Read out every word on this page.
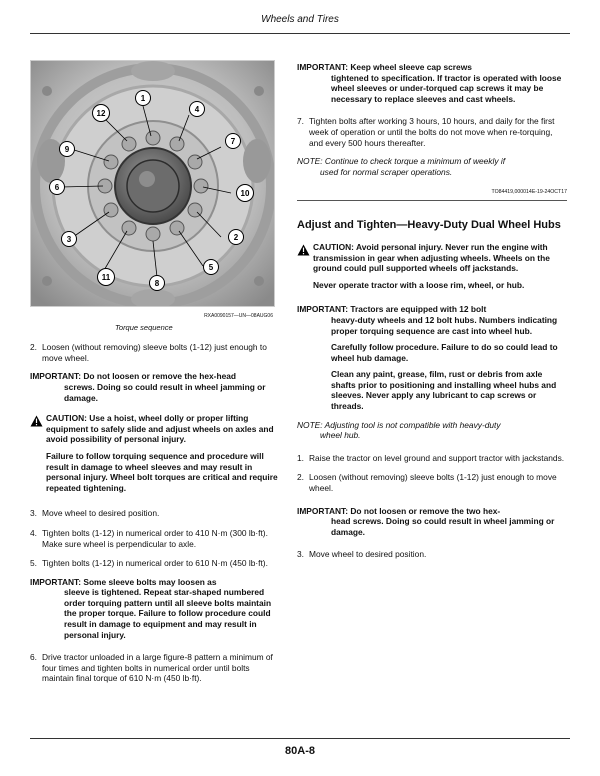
Wheels and Tires
1
2
3
4
5
6
7
8
9
10
11
12
RXA0090157—UN—08AUG06
Torque sequence
2. Loosen (without removing) sleeve bolts (1-12) just enough to move wheel.
IMPORTANT: Do not loosen or remove the hex-head
screws. Doing so could result in wheel jamming or damage.

CAUTION: Use a hoist, wheel dolly or proper lifting equipment to safely slide and adjust wheels on axles and avoid possibility of personal injury.

Failure to follow torquing sequence and procedure will result in damage to wheel sleeves and may result in personal injury. Wheel bolt torques are critical and require repeated tightening.

3. Move wheel to desired position.
4. Tighten bolts (1-12) in numerical order to 410 N·m (300 lb·ft). Make sure wheel is perpendicular to axle.
5. Tighten bolts (1-12) in numerical order to 610 N·m (450 lb·ft).
IMPORTANT: Some sleeve bolts may loosen as
sleeve is tightened. Repeat star-shaped numbered order torquing pattern until all sleeve bolts maintain the proper torque. Failure to follow procedure could result in damage to equipment and may result in personal injury.
6. Drive tractor unloaded in a large figure-8 pattern a minimum of four times and tighten bolts in numerical order until bolts maintain final torque of 610 N·m (450 lb·ft).
IMPORTANT: Keep wheel sleeve cap screws
tightened to specification. If tractor is operated with loose wheel sleeves or under-torqued cap screws it may be necessary to replace sleeves and cast wheels.
7. Tighten bolts after working 3 hours, 10 hours, and daily for the first week of operation or until the bolts do not move when re-torquing, and every 500 hours thereafter.
NOTE: Continue to check torque a minimum of weekly if
used for normal scraper operations.
TO84419,000014E-19-24OCT17
Adjust and Tighten—Heavy-Duty Dual Wheel Hubs

CAUTION: Avoid personal injury. Never run the engine with transmission in gear when adjusting wheels. Wheels on the ground could pull supported wheels off jackstands.

Never operate tractor with a loose rim, wheel, or hub.

IMPORTANT: Tractors are equipped with 12 bolt
heavy-duty wheels and 12 bolt hubs. Numbers indicating proper torquing sequence are cast into wheel hub.
Carefully follow procedure. Failure to do so could lead to wheel hub damage.
Clean any paint, grease, film, rust or debris from axle shafts prior to positioning and installing wheel hubs and sleeves. Never apply any lubricant to cap screws or threads.
NOTE: Adjusting tool is not compatible with heavy-duty
wheel hub.
1. Raise the tractor on level ground and support tractor with jackstands.
2. Loosen (without removing) sleeve bolts (1-12) just enough to move wheel.
IMPORTANT: Do not loosen or remove the two hex-
head screws. Doing so could result in wheel jamming or damage.
3. Move wheel to desired position.
80A-8
